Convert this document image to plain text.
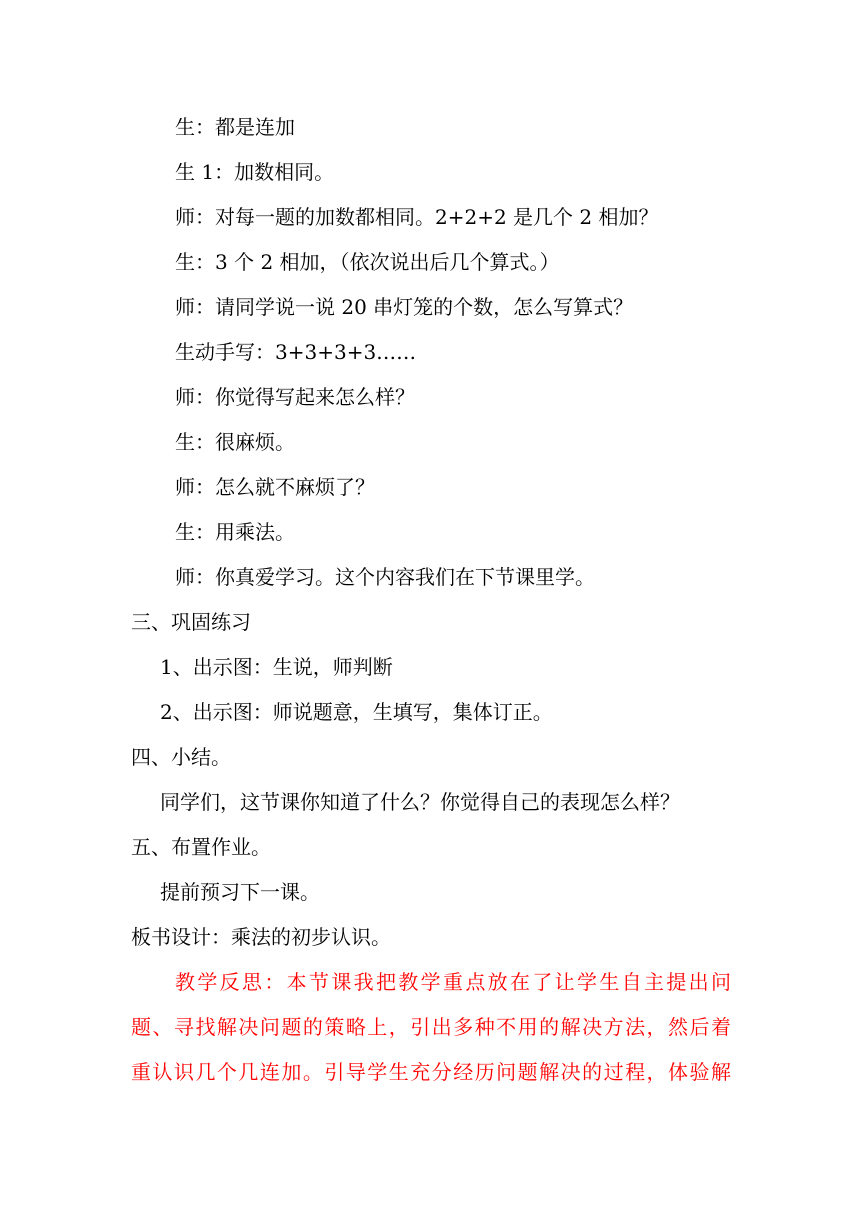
生：都是连加
生 1：加数相同。
师：对每一题的加数都相同。2+2+2 是几个 2 相加？
生：3 个 2 相加，（依次说出后几个算式。）
师：请同学说一说 20 串灯笼的个数，怎么写算式？
生动手写：3+3+3+3……
师：你觉得写起来怎么样？
生：很麻烦。
师：怎么就不麻烦了？
生：用乘法。
师：你真爱学习。这个内容我们在下节课里学。
三、巩固练习
1、出示图：生说，师判断
2、出示图：师说题意，生填写，集体订正。
四、小结。
同学们，这节课你知道了什么？你觉得自己的表现怎么样？
五、布置作业。
提前预习下一课。
板书设计：乘法的初步认识。
教学反思：本节课我把教学重点放在了让学生自主提出问
题、寻找解决问题的策略上，引出多种不用的解决方法，然后着
重认识几个几连加。引导学生充分经历问题解决的过程，体验解
